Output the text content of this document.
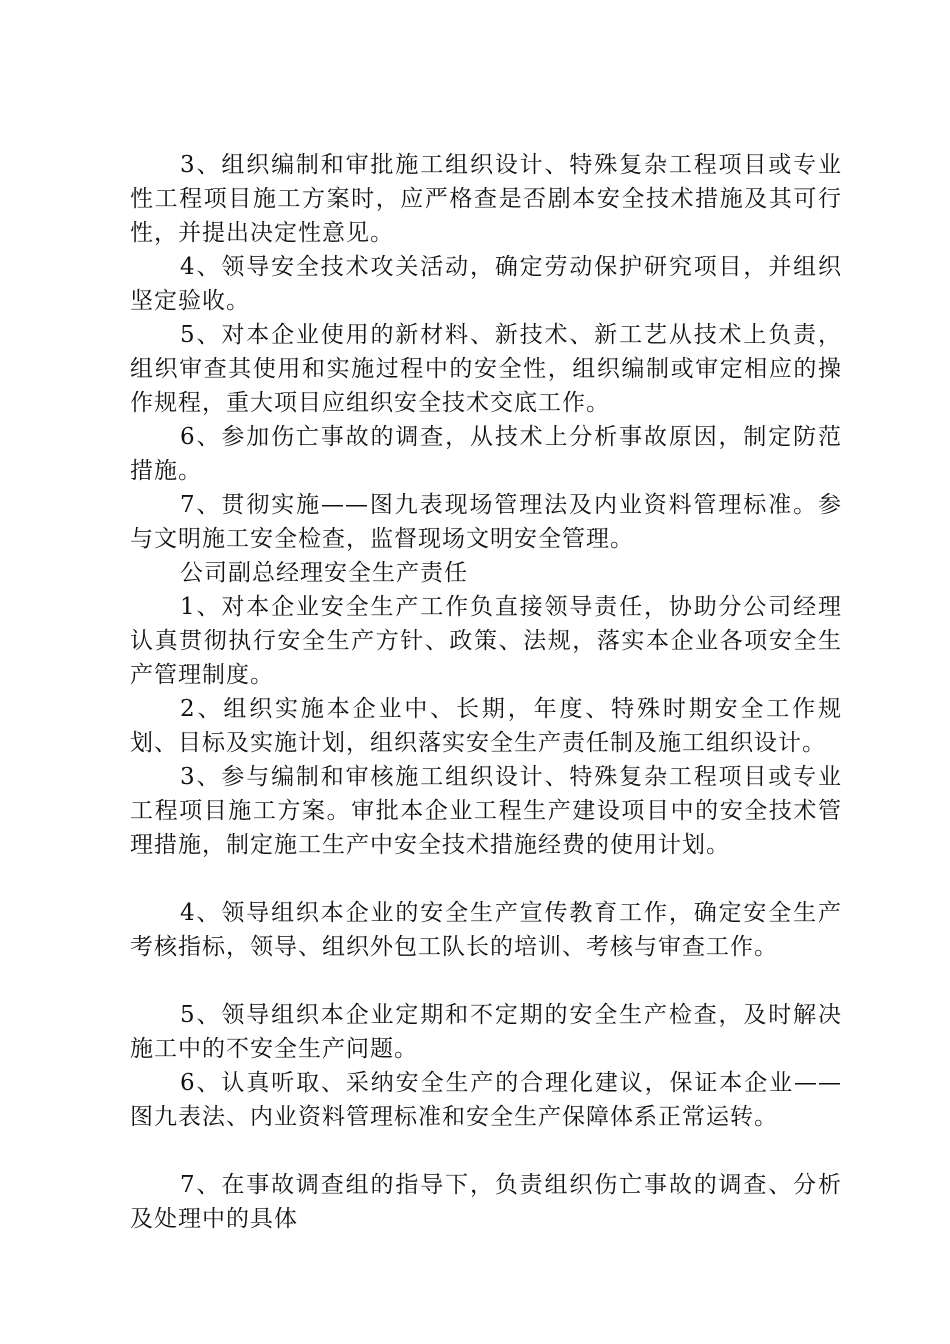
3、组织编制和审批施工组织设计、特殊复杂工程项目或专业性工程项目施工方案时，应严格查是否剧本安全技术措施及其可行性，并提出决定性意见。

4、领导安全技术攻关活动，确定劳动保护研究项目，并组织坚定验收。

5、对本企业使用的新材料、新技术、新工艺从技术上负责，组织审查其使用和实施过程中的安全性，组织编制或审定相应的操作规程，重大项目应组织安全技术交底工作。

6、参加伤亡事故的调查，从技术上分析事故原因，制定防范措施。

7、贯彻实施——图九表现场管理法及内业资料管理标准。参与文明施工安全检查，监督现场文明安全管理。

公司副总经理安全生产责任

1、对本企业安全生产工作负直接领导责任，协助分公司经理认真贯彻执行安全生产方针、政策、法规，落实本企业各项安全生产管理制度。

2、组织实施本企业中、长期，年度、特殊时期安全工作规划、目标及实施计划，组织落实安全生产责任制及施工组织设计。

3、参与编制和审核施工组织设计、特殊复杂工程项目或专业工程项目施工方案。审批本企业工程生产建设项目中的安全技术管理措施，制定施工生产中安全技术措施经费的使用计划。

4、领导组织本企业的安全生产宣传教育工作，确定安全生产考核指标，领导、组织外包工队长的培训、考核与审查工作。

5、领导组织本企业定期和不定期的安全生产检查，及时解决施工中的不安全生产问题。

6、认真听取、采纳安全生产的合理化建议，保证本企业——图九表法、内业资料管理标准和安全生产保障体系正常运转。

7、在事故调查组的指导下，负责组织伤亡事故的调查、分析及处理中的具体
